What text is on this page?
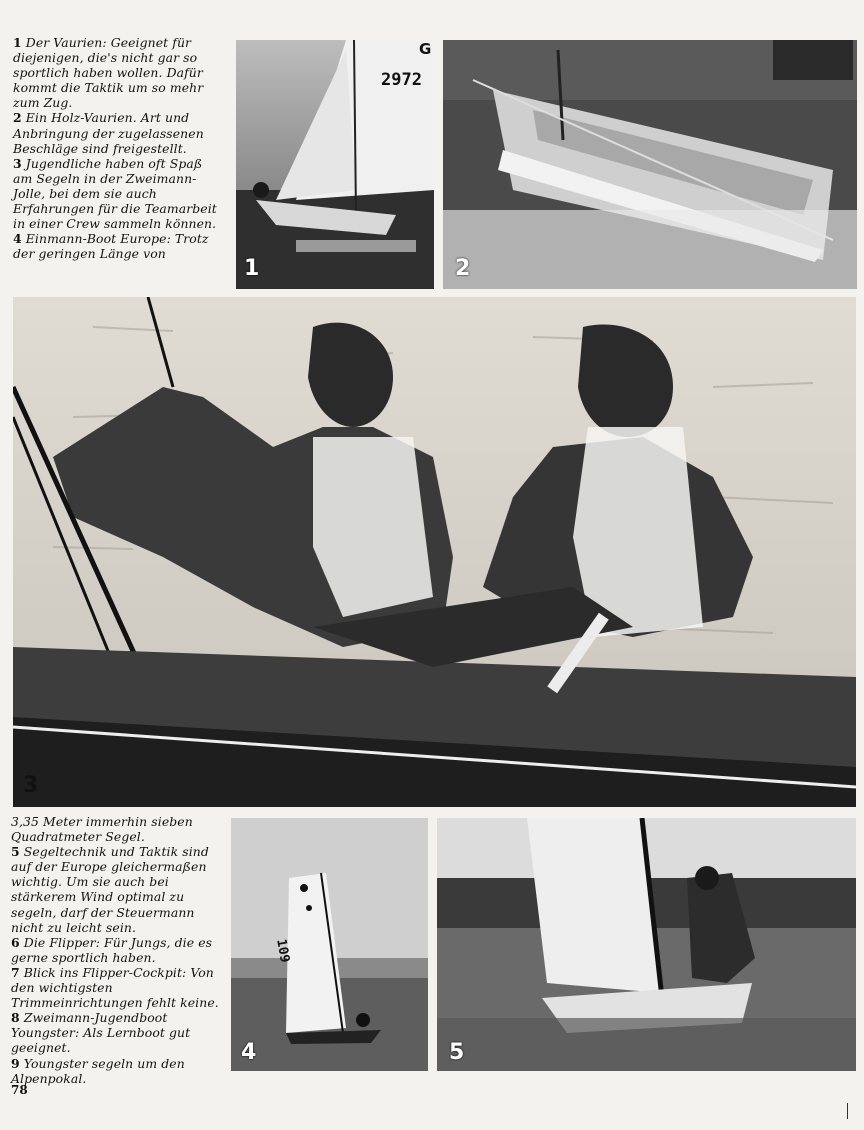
1 Der Vaurien: Geeignet für diejenigen, die's nicht gar so sportlich haben wollen. Dafür kommt die Taktik um so mehr zum Zug.

2 Ein Holz-Vaurien. Art und Anbringung der zugelassenen Beschläge sind freigestellt.

3 Jugendliche haben oft Spaß am Segeln in der Zweimann-Jolle, bei dem sie auch Erfahrungen für die Teamarbeit in einer Crew sammeln können.

4 Einmann-Boot Europe: Trotz der geringen Länge von

G
2972
1	2
3

3,35 Meter immerhin sieben Quadratmeter Segel.

5 Segeltechnik und Taktik sind auf der Europe gleichermaßen wichtig. Um sie auch bei stärkerem Wind optimal zu segeln, darf der Steuermann nicht zu leicht sein.

6 Die Flipper: Für Jungs, die es gerne sportlich haben.

7 Blick ins Flipper-Cockpit: Von den wichtigsten Trimmeinrichtungen fehlt keine.

8 Zweimann-Jugendboot Youngster: Als Lernboot gut geeignet.

9 Youngster segeln um den Alpenpokal.

109
4	5
78
